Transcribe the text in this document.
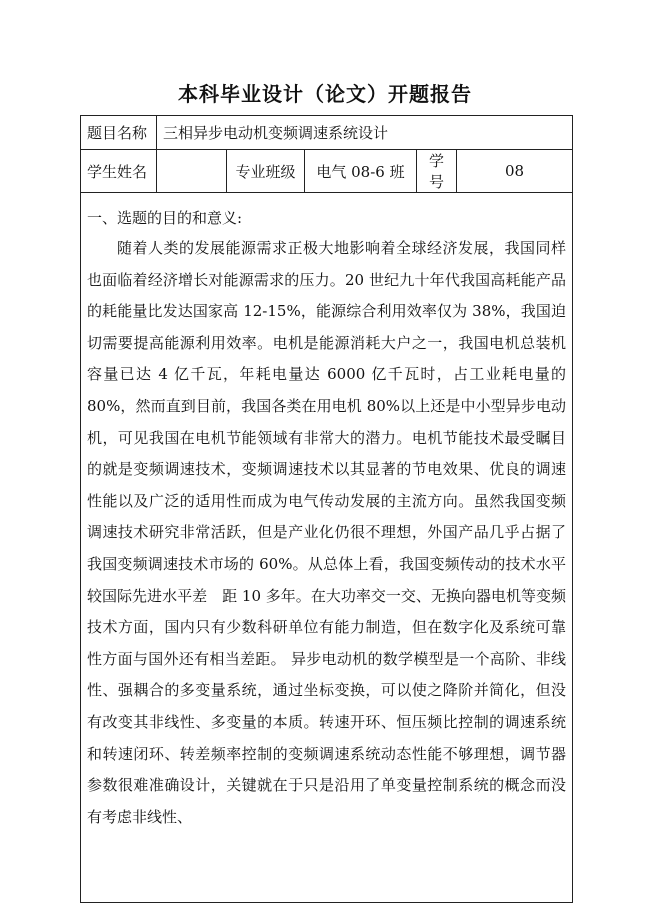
本科毕业设计（论文）开题报告
题目名称	三相异步电动机变频调速系统设计				
学生姓名		专业班级	电气 08-6 班	学号	08

一、选题的目的和意义:

随着人类的发展能源需求正极大地影响着全球经济发展，我国同样也面临着经济增长对能源需求的压力。20 世纪九十年代我国高耗能产品的耗能量比发达国家高 12-15%，能源综合利用效率仅为 38%，我国迫切需要提高能源利用效率。电机是能源消耗大户之一，我国电机总装机容量已达 4 亿千瓦，年耗电量达 6000 亿千瓦时，占工业耗电量的 80%，然而直到目前，我国各类在用电机 80%以上还是中小型异步电动机，可见我国在电机节能领域有非常大的潜力。电机节能技术最受瞩目的就是变频调速技术，变频调速技术以其显著的节电效果、优良的调速性能以及广泛的适用性而成为电气传动发展的主流方向。虽然我国变频调速技术研究非常活跃，但是产业化仍很不理想，外国产品几乎占据了我国变频调速技术市场的 60%。从总体上看，我国变频传动的技术水平较国际先进水平差　距 10 多年。在大功率交一交、无换向器电机等变频技术方面，国内只有少数科研单位有能力制造，但在数字化及系统可靠性方面与国外还有相当差距。 异步电动机的数学模型是一个高阶、非线性、强耦合的多变量系统，通过坐标变换，可以使之降阶并简化，但没有改变其非线性、多变量的本质。转速开环、恒压频比控制的调速系统和转速闭环、转差频率控制的变频调速系统动态性能不够理想，调节器参数很难准确设计，关键就在于只是沿用了单变量控制系统的概念而没有考虑非线性、					
